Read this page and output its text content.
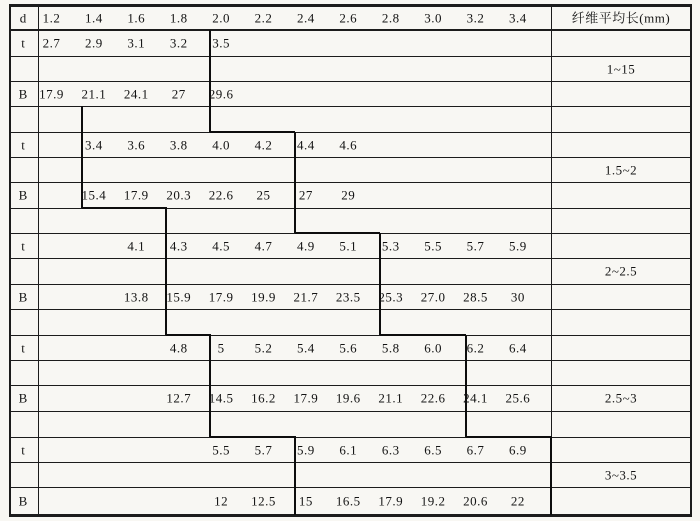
d	纤维平均长(mm)
1.2 1.4 1.6 1.8 2.0 2.2 2.4 2.6 2.8 3.0 3.2 3.4
t
B
2.7 2.9 3.1 3.2 3.5
17.9 21.1 24.1 27 29.6
1~15
t
B
3.4 3.6 3.8 4.0 4.2 4.4 4.6
15.4 17.9 20.3 22.6 25 27 29
1.5~2
t
B
4.1 4.3 4.5 4.7 4.9 5.1 5.3 5.5 5.7 5.9
13.8 15.9 17.9 19.9 21.7 23.5 25.3 27.0 28.5 30
2~2.5
t
B
4.8 5 5.2 5.4 5.6 5.8 6.0 6.2 6.4
12.7 14.5 16.2 17.9 19.6 21.1 22.6 24.1 25.6	2.5~3
t
B
5.5 5.7 5.9 6.1 6.3 6.5 6.7 6.9
12 12.5 15 16.5 17.9 19.2 20.6 22
3~3.5
